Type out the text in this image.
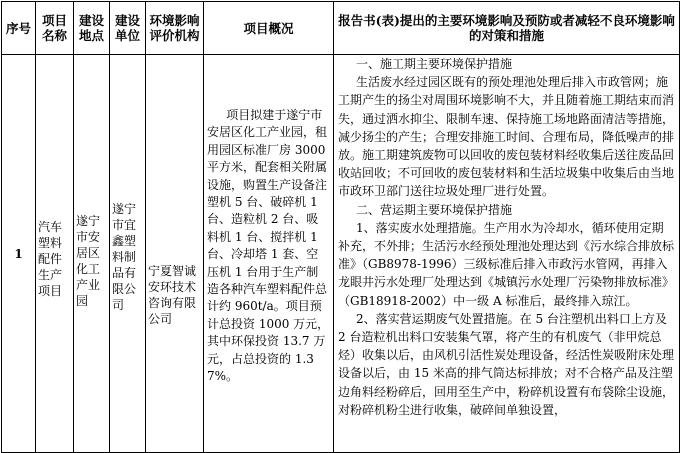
序号	项目名称	建设地点	建设单位	环境影响评价机构	项目概况	报告书(表)提出的主要环境影响及预防或者减轻不良环境影响的对策和措施
1	汽车塑料配件生产项目	遂宁市安居区化工产业园	遂宁市宜鑫塑料制品有限公司	宁夏智诚安环技术咨询有限公司	项目拟建于遂宁市安居区化工产业园，租用园区标准厂房 3000 平方米，配套相关附属设施，购置生产设备注塑机 5 台、破碎机 1 台、造粒机 2 台、吸料机 1 台、搅拌机 1 台、冷却塔 1 套、空压机 1 台用于生产制造各种汽车塑料配件总计约 960t/a。项目预计总投资 1000 万元，其中环保投资 13.7 万元，占总投资的 1.37%。	一、施工期主要环境保护措施

生活废水经过园区既有的预处理池处理后排入市政管网；施工期产生的扬尘对周围环境影响不大，并且随着施工期结束而消失，通过洒水抑尘、限制车速、保持施工场地路面清洁等措施，减少扬尘的产生；合理安排施工时间、合理布局，降低噪声的排放。施工期建筑废物可以回收的废包装材料经收集后送往废品回收站回收；不可回收的废包装材料和生活垃圾集中收集后由当地市政环卫部门送往垃圾处理厂进行处置。

二、营运期主要环境保护措施

1、落实废水处理措施。生产用水为冷却水，循环使用定期补充，不外排；生活污水经预处理池处理达到《污水综合排放标准》（GB8978-1996）三级标准后排入市政污水管网，再排入龙眼井污水处理厂处理达到《城镇污水处理厂污染物排放标准》（GB18918-2002）中一级 A 标准后，最终排入琼江。

2、落实营运期废气处置措施。在 5 台注塑机出料口上方及 2 台造粒机出料口安装集气罩，将产生的有机废气（非甲烷总烃）收集以后，由风机引活性炭处理设备，经活性炭吸附床处理设备以后，由 15 米高的排气筒达标排放；对不合格产品及注塑边角料经粉碎后，回用至生产中，粉碎机设置有布袋除尘设施，对粉碎机粉尘进行收集，破碎间单独设置，
